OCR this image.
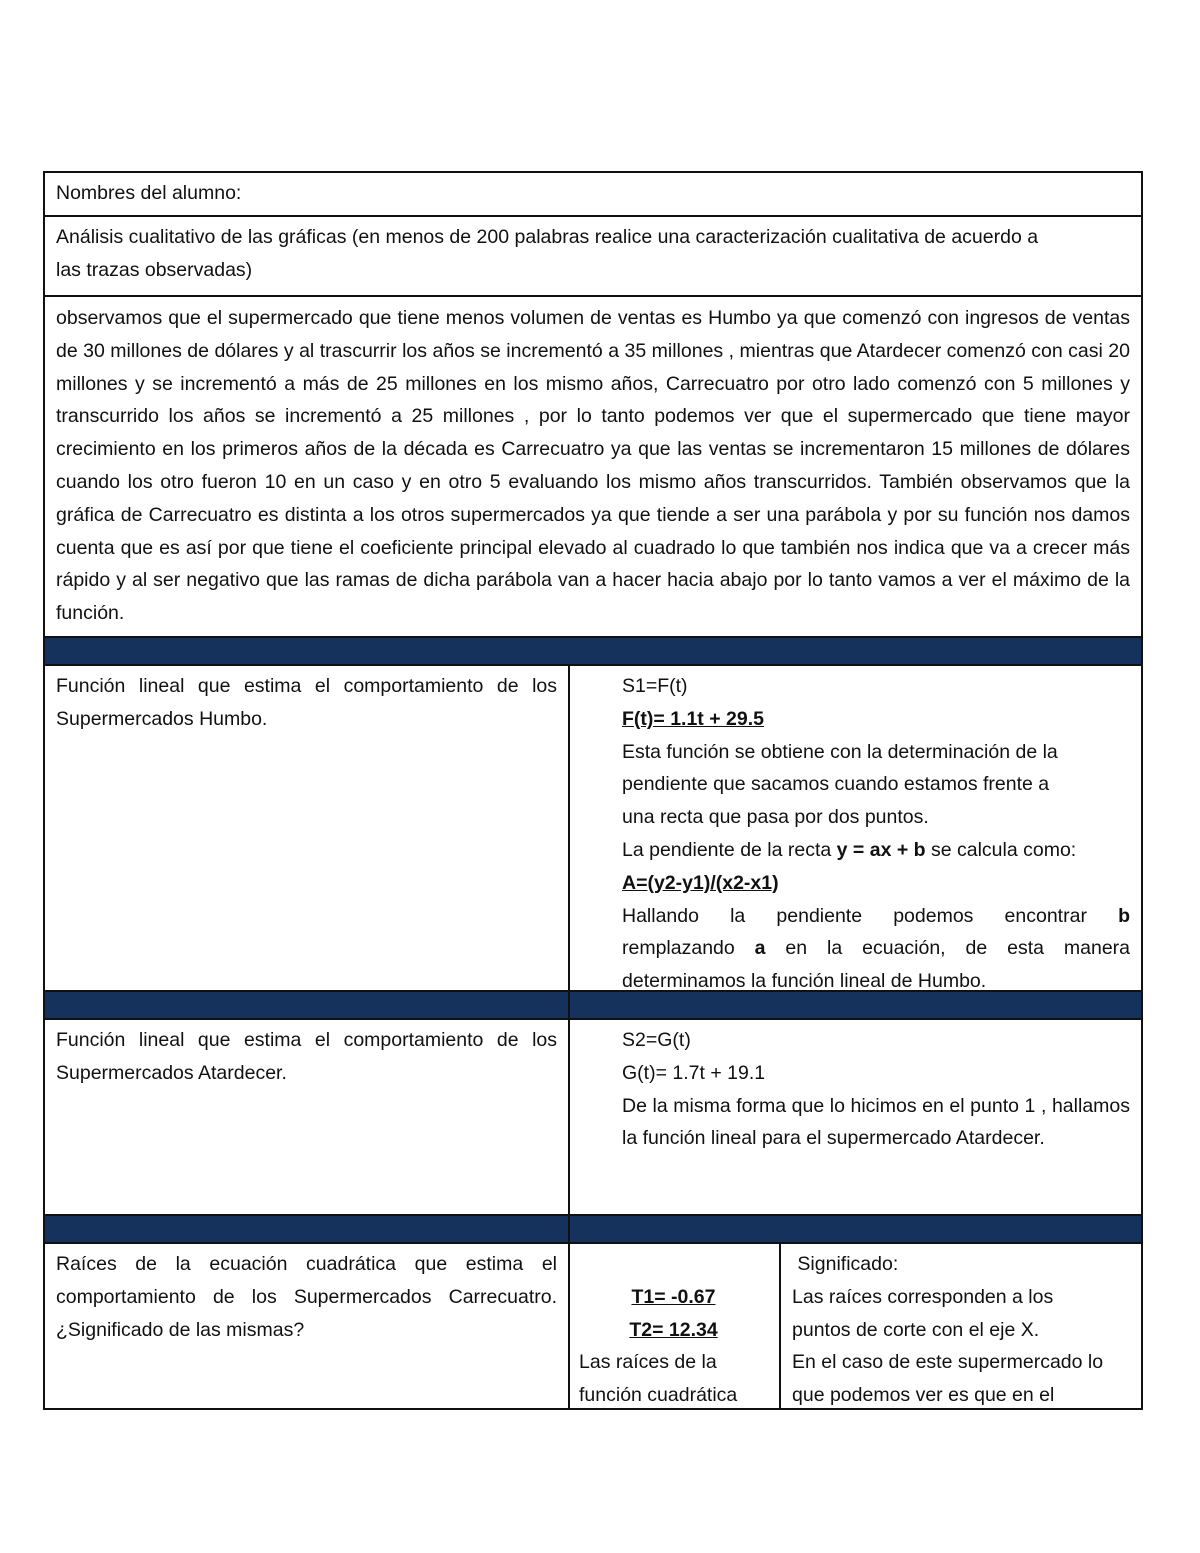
Nombres del alumno:
Análisis cualitativo de las gráficas (en menos de 200 palabras realice una caracterización cualitativa de acuerdo a
las trazas observadas)
observamos que el supermercado que tiene menos volumen de ventas es Humbo ya que comenzó con ingresos de ventas de 30 millones de dólares y al trascurrir los años se incrementó a 35 millones , mientras que Atardecer comenzó con casi 20 millones y se incrementó a más de 25 millones en los mismo años, Carrecuatro por otro lado comenzó con 5 millones y transcurrido los años se incrementó a 25 millones , por lo tanto podemos ver que el supermercado que tiene mayor crecimiento en los primeros años de la década es Carrecuatro ya que las ventas se incrementaron 15 millones de dólares cuando los otro fueron 10 en un caso y en otro 5 evaluando los mismo años transcurridos. También observamos que la gráfica de Carrecuatro es distinta a los otros supermercados ya que tiende a ser una parábola y por su función nos damos cuenta que es así por que tiene el coeficiente principal elevado al cuadrado lo que también nos indica que va a crecer más rápido y al ser negativo que las ramas de dicha parábola van a hacer hacia abajo por lo tanto vamos a ver el máximo de la función.
Función lineal que estima el comportamiento de los Supermercados Humbo.
S1=F(t)
F(t)= 1.1t + 29.5
Esta función se obtiene con la determinación de la
pendiente que sacamos cuando estamos frente a
una recta que pasa por dos puntos.
La pendiente de la recta y = ax + b se calcula como:
A=(y2-y1)/(x2-x1)
Hallando la pendiente podemos encontrar b
remplazando a en la ecuación, de esta manera
determinamos la función lineal de Humbo.
Función lineal que estima el comportamiento de los Supermercados Atardecer.
S2=G(t)
G(t)= 1.7t + 19.1
De la misma forma que lo hicimos en el punto 1 , hallamos la función lineal para el supermercado Atardecer.
Raíces de la ecuación cuadrática que estima el comportamiento de los Supermercados Carrecuatro. ¿Significado de las mismas?
T1= -0.67
T2= 12.34
Las raíces de la
función cuadrática
Significado:
Las raíces corresponden a los
puntos de corte con el eje X.
En el caso de este supermercado lo
que podemos ver es que en el
